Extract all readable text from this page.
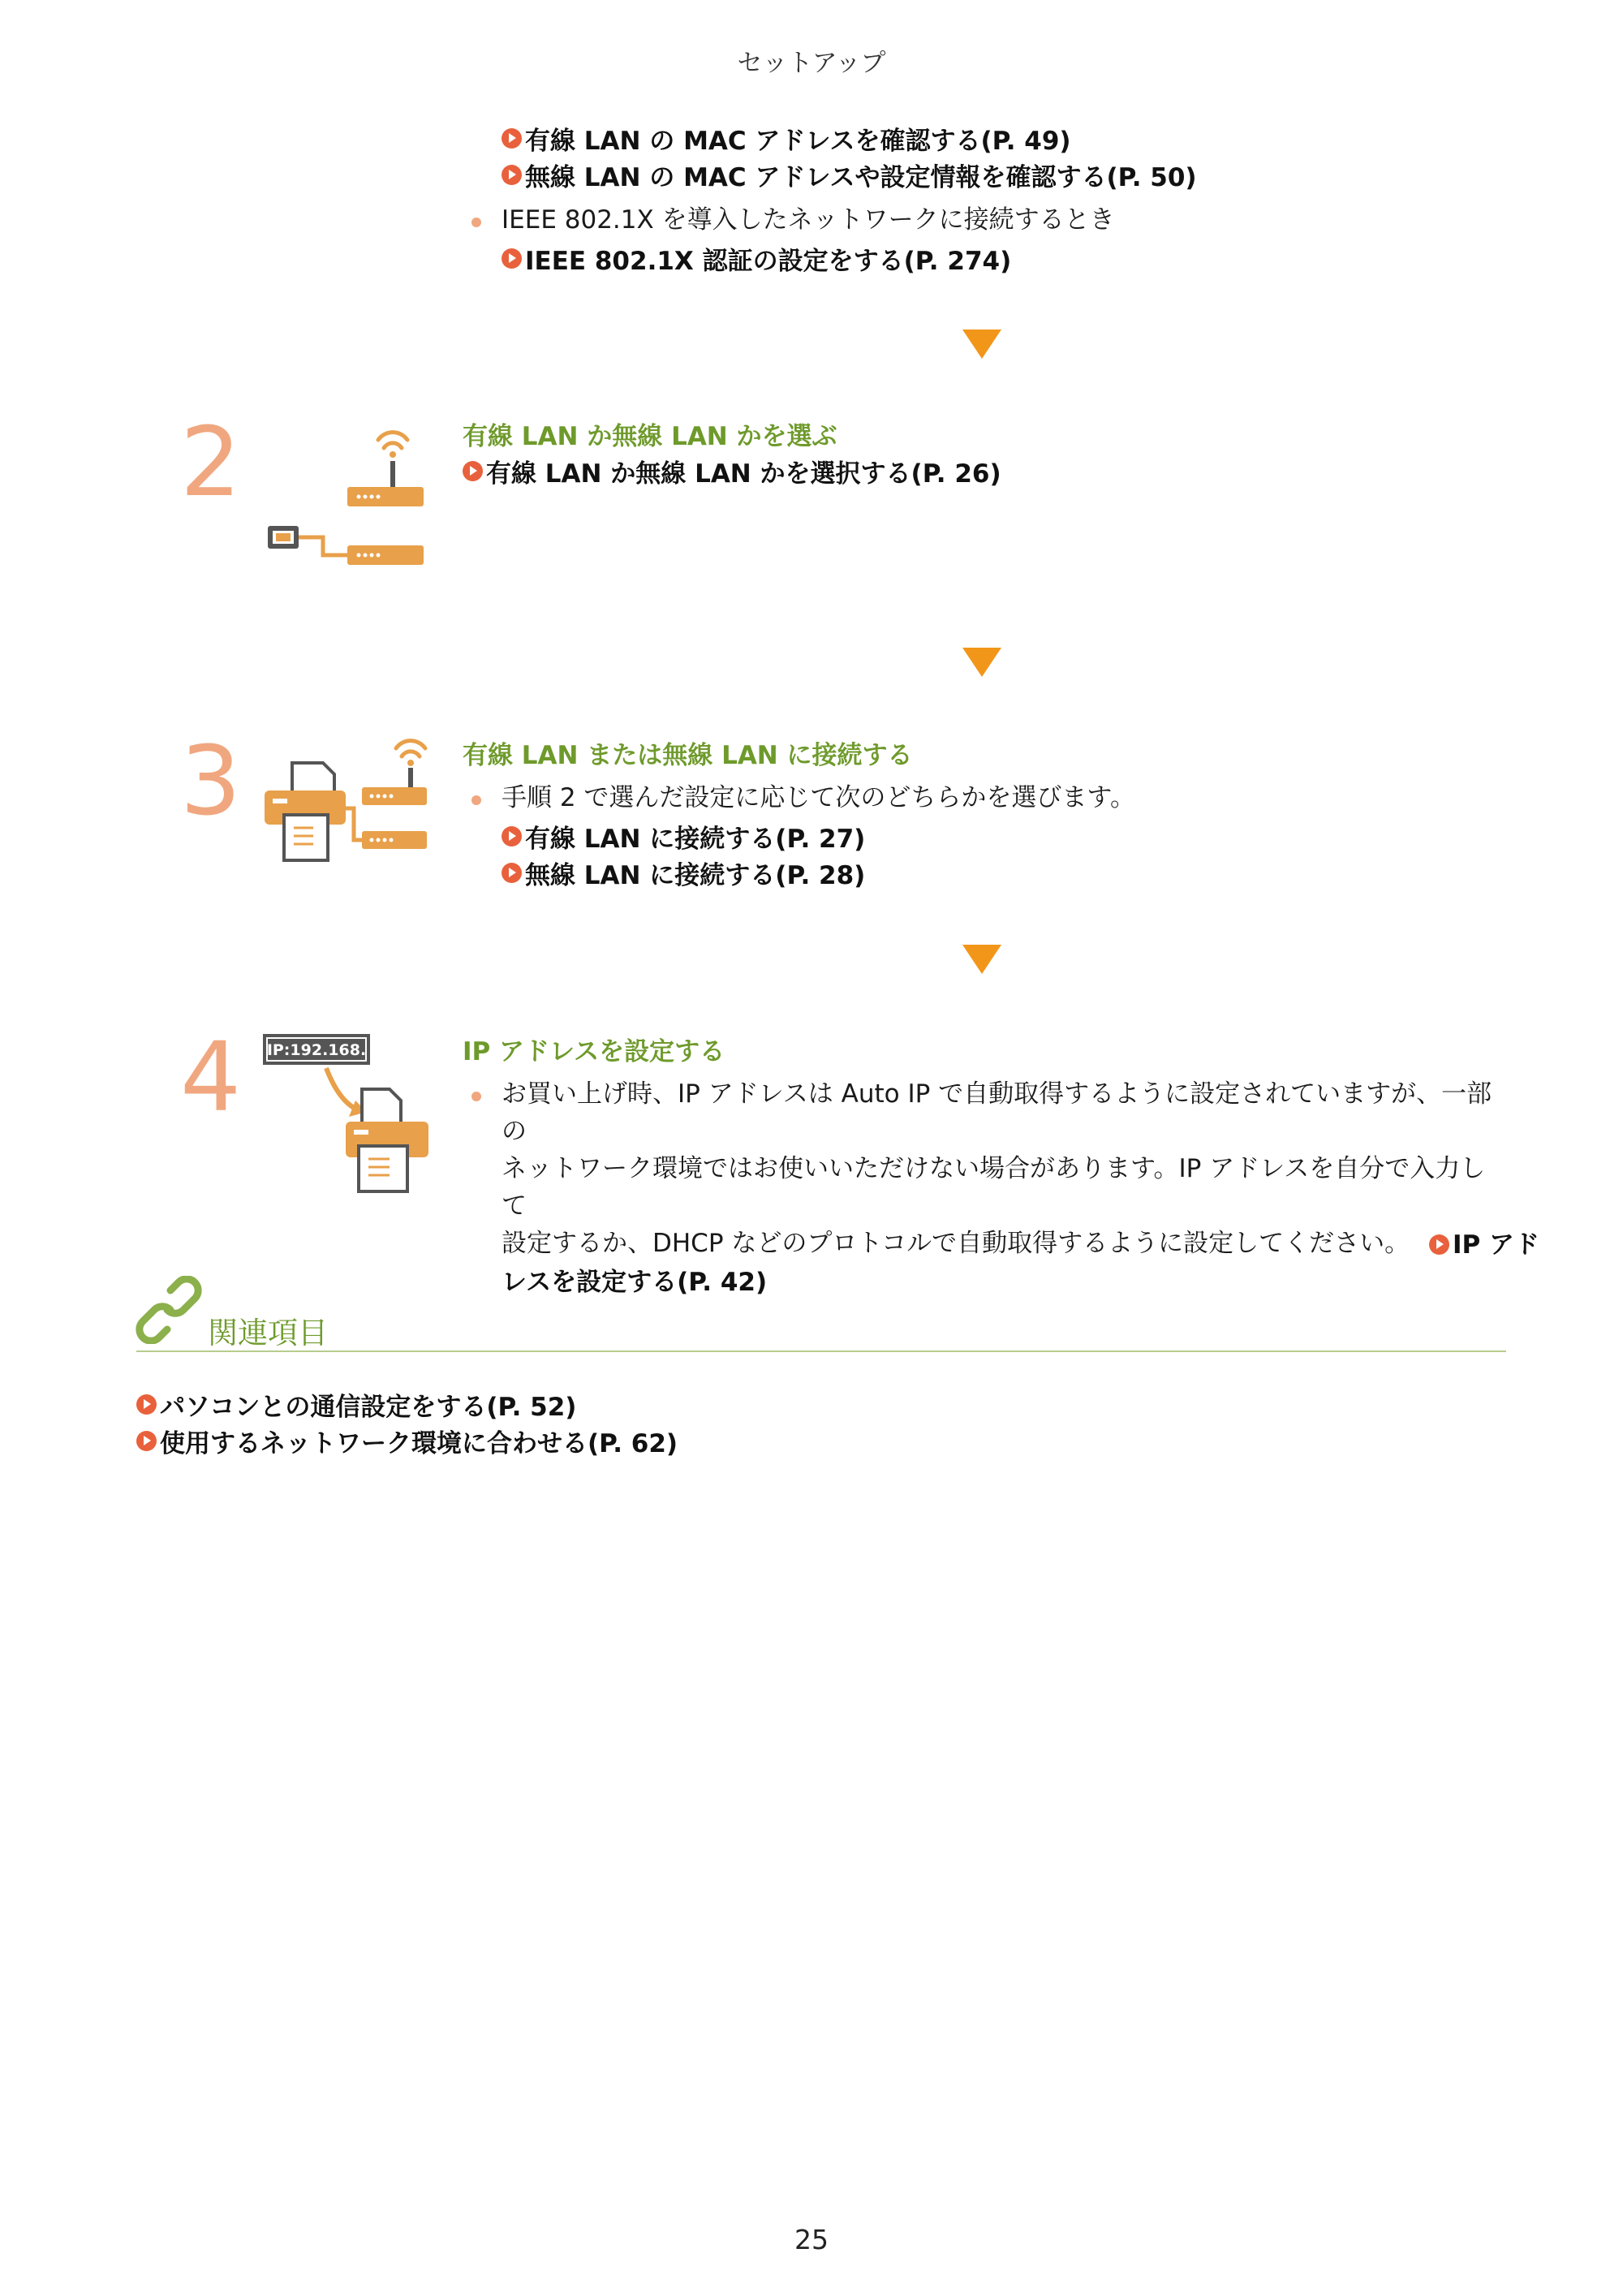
セットアップ
有線 LAN の MAC アドレスを確認する(P. 49)
無線 LAN の MAC アドレスや設定情報を確認する(P. 50)
IEEE 802.1X を導入したネットワークに接続するとき
IEEE 802.1X 認証の設定をする(P. 274)
2	有線 LAN か無線 LAN かを選ぶ
有線 LAN か無線 LAN かを選択する(P. 26)
3	有線 LAN または無線 LAN に接続する
手順 2 で選んだ設定に応じて次のどちらかを選びます。
有線 LAN に接続する(P. 27)
無線 LAN に接続する(P. 28)
4 IP:192.168.	IP アドレスを設定する
お買い上げ時、IP アドレスは Auto IP で自動取得するように設定されていますが、一部の
ネットワーク環境ではお使いいただけない場合があります。IP アドレスを自分で入力して
設定するか、DHCP などのプロトコルで自動取得するように設定してください。 IP アド
レスを設定する(P. 42)
関連項目
パソコンとの通信設定をする(P. 52)
使用するネットワーク環境に合わせる(P. 62)
25
